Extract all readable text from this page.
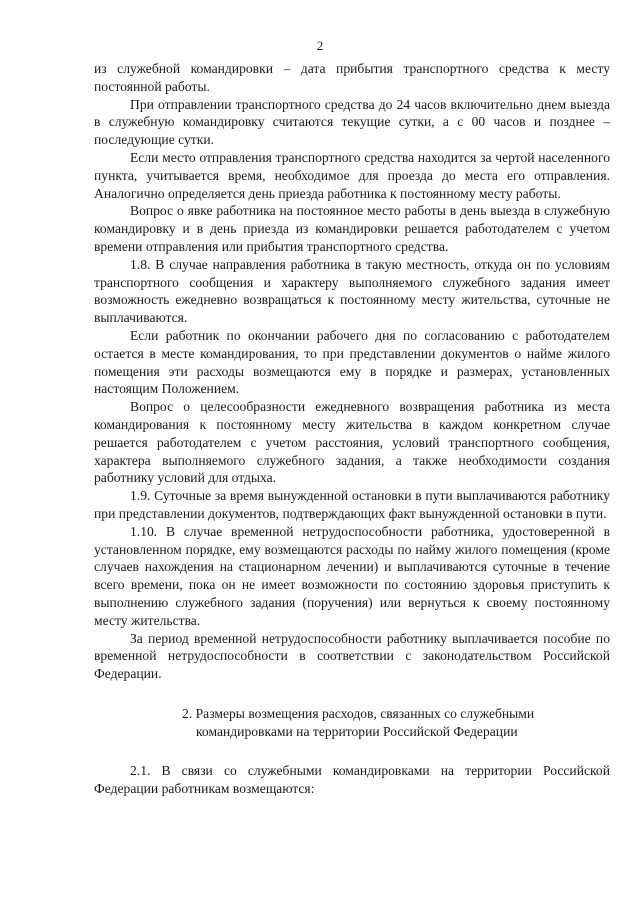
2

из служебной командировки – дата прибытия транспортного средства к месту постоянной работы.

При отправлении транспортного средства до 24 часов включительно днем выезда в служебную командировку считаются текущие сутки, а с 00 часов и позднее – последующие сутки.

Если место отправления транспортного средства находится за чертой населенного пункта, учитывается время, необходимое для проезда до места его отправления. Аналогично определяется день приезда работника к постоянному месту работы.

Вопрос о явке работника на постоянное место работы в день выезда в служебную командировку и в день приезда из командировки решается работодателем с учетом времени отправления или прибытия транспортного средства.

1.8. В случае направления работника в такую местность, откуда он по условиям транспортного сообщения и характеру выполняемого служебного задания имеет возможность ежедневно возвращаться к постоянному месту жительства, суточные не выплачиваются.

Если работник по окончании рабочего дня по согласованию с работодателем остается в месте командирования, то при представлении документов о найме жилого помещения эти расходы возмещаются ему в порядке и размерах, установленных настоящим Положением.

Вопрос о целесообразности ежедневного возвращения работника из места командирования к постоянному месту жительства в каждом конкретном случае решается работодателем с учетом расстояния, условий транспортного сообщения, характера выполняемого служебного задания, а также необходимости создания работнику условий для отдыха.

1.9. Суточные за время вынужденной остановки в пути выплачиваются работнику при представлении документов, подтверждающих факт вынужденной остановки в пути.

1.10. В случае временной нетрудоспособности работника, удостоверенной в установленном порядке, ему возмещаются расходы по найму жилого помещения (кроме случаев нахождения на стационарном лечении) и выплачиваются суточные в течение всего времени, пока он не имеет возможности по состоянию здоровья приступить к выполнению служебного задания (поручения) или вернуться к своему постоянному месту жительства.

За период временной нетрудоспособности работнику выплачивается пособие по временной нетрудоспособности в соответствии с законодательством Российской Федерации.

2. Размеры возмещения расходов, связанных со служебными
командировками на территории Российской Федерации

2.1. В связи со служебными командировками на территории Российской Федерации работникам возмещаются:
